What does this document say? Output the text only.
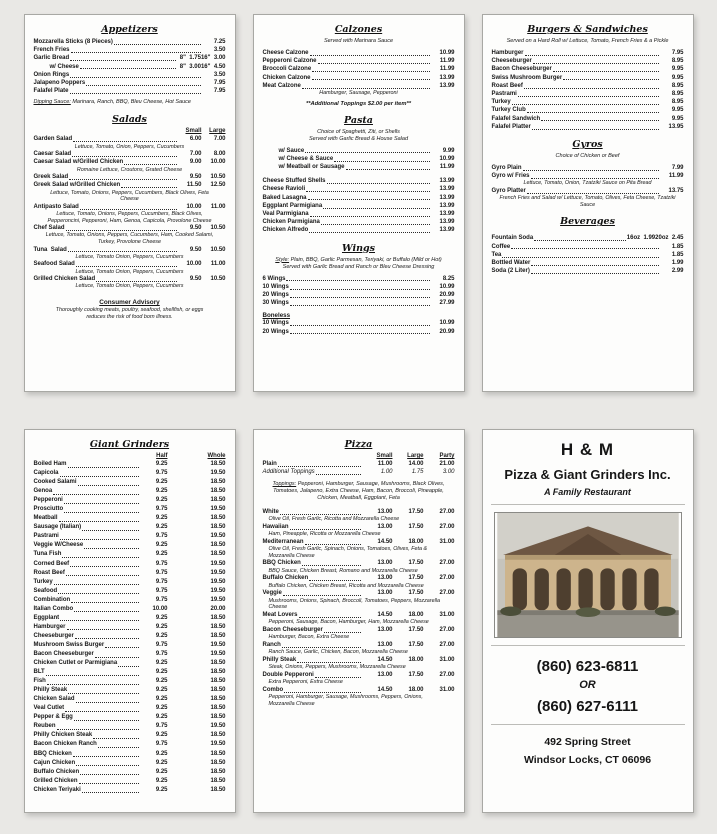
Appetizers
Mozzarella Sticks (8 Pieces)	7.25
French Fries	3.50
Garlic Bread	8"  1.75 16"  3.00
w/ Cheese	8"  3.00 16"  4.50
Onion Rings	3.50
Jalapeno Poppers	7.95
Falafel Plate	7.95
Dipping Sauce: Marinara, Ranch, BBQ, Bleu Cheese, Hot Sauce
Salads
Small	Large
Garden Salad	6.00	7.00
Lettuce, Tomato, Onion, Peppers, Cucumbers
Caesar Salad	7.00	8.00
Caesar Salad w/Grilled Chicken	9.00	10.00
Romaine Lettuce, Croutons, Grated Cheese
Greek Salad	9.50	10.50
Greek Salad w/Grilled Chicken	11.50	12.50
Lettuce, Tomato, Onions, Peppers, Cucumbers, Black Olives, Feta Cheese
Antipasto Salad	10.00	11.00
Lettuce, Tomato, Onions, Peppers, Cucumbers, Black Olives, Pepperoncini, Pepperoni, Ham, Genoa, Capicola, Provolone Cheese
Chef Salad	9.50	10.50
Lettuce, Tomato, Onions, Peppers, Cucumbers, Ham, Cooked Salami, Turkey, Provolone Cheese
Tuna  Salad	9.50	10.50
Lettuce, Tomato Onion, Peppers, Cucumbers
Seafood Salad	10.00	11.00
Lettuce, Tomato Onion, Peppers, Cucumbers
Grilled Chicken Salad	9.50	10.50
Lettuce, Tomato Onion, Peppers, Cucumbers
Consumer Advisory
Thoroughly cooking meats, poultry, seafood, shellfish, or eggs reduces the risk of food born illness.
Calzones
Served with Marinara Sauce
Cheese Calzone	10.99
Pepperoni Calzone	11.99
Broccoli Calzone	11.99
Chicken Calzone	13.99
Meat Calzone	13.99
Hamburger, Sausage, Pepperoni
**Additional Toppings $2.00 per item**
Pasta
Choice of Spaghetti, Ziti, or Shells
Served with Garlic Bread & House Salad
w/ Sauce	9.99
w/ Cheese & Sauce	10.99
w/ Meatball or Sausage	11.99
Cheese Stuffed Shells	13.99
Cheese Ravioli	13.99
Baked Lasagna	13.99
Eggplant Parmigiana	13.99
Veal Parmigiana	13.99
Chicken Parmigiana	13.99
Chicken Alfredo	13.99
Wings
Style: Plain, BBQ, Garlic Parmesan, Teriyaki, or Buffalo (Mild or Hot)
Served with Garlic Bread and Ranch or Bleu Cheese Dressing
6 Wings	8.25
10 Wings	10.99
20 Wings	20.99
30 Wings	27.99
Boneless
10 Wings	10.99
20 Wings	20.99
Burgers & Sandwiches
Served on a Hard Roll w/ Lettuce, Tomato, French Fries & a Pickle
Hamburger	7.95
Cheeseburger	8.95
Bacon Cheeseburger	9.95
Swiss Mushroom Burger	9.95
Roast Beef	8.95
Pastrami	8.95
Turkey	8.95
Turkey Club	9.95
Falafel Sandwich	9.95
Falafel Platter	13.95
Gyros
Choice of Chicken or Beef
Gyro Plain	7.99
Gyro w/ Fries	11.99
Lettuce, Tomato, Onion, Tzatziki Sauce on Pita Bread
Gyro Platter	13.75
French Fries and Salad w/ Lettuce, Tomato, Olives, Feta Cheese, Tzatziki Sauce
Beverages
Fountain Soda	16oz  1.99 20oz  2.45
Coffee	1.85
Tea	1.85
Bottled Water	1.99
Soda (2 Liter)	2.99
Giant Grinders
Half	Whole
Boiled Ham	9.25	18.50
Capicola	9.75	19.50
Cooked Salami	9.25	18.50
Genoa	9.25	18.50
Pepperoni	9.25	18.50
Prosciutto	9.75	19.50
Meatball	9.25	18.50
Sausage (Italian)	9.25	18.50
Pastrami	9.75	19.50
Veggie W/Cheese	9.25	18.50
Tuna Fish	9.25	18.50
Corned Beef	9.75	19.50
Roast Beef	9.75	19.50
Turkey	9.75	19.50
Seafood	9.75	19.50
Combination	9.75	19.50
Italian Combo	10.00	20.00
Eggplant	9.25	18.50
Hamburger	9.25	18.50
Cheeseburger	9.25	18.50
Mushroom Swiss Burger	9.75	19.50
Bacon Cheeseburger	9.75	19.50
Chicken Cutlet or Parmigiana	9.25	18.50
BLT	9.25	18.50
Fish	9.25	18.50
Philly Steak	9.25	18.50
Chicken Salad	9.25	18.50
Veal Cutlet	9.25	18.50
Pepper & Egg	9.25	18.50
Reuben	9.75	19.50
Philly Chicken Steak	9.25	18.50
Bacon Chicken Ranch	9.75	19.50
BBQ Chicken	9.25	18.50
Cajun Chicken	9.25	18.50
Buffalo Chicken	9.25	18.50
Grilled Chicken	9.25	18.50
Chicken Teriyaki	9.25	18.50
Pizza
Small	Large	Party
Plain	11.00	14.00	21.00
Additional Toppings	1.00	1.75	3.00
Toppings: Pepperoni, Hamburger, Sausage, Mushrooms, Black Olives, Tomatoes, Jalapeno, Extra Cheese, Ham, Bacon, Broccoli, Pineapple, Chicken, Meatball, Eggplant, Feta
White	13.00	17.50	27.00
Olive Oil, Fresh Garlic, Ricotta and Mozzarella Cheese
Hawaiian	13.00	17.50	27.00
Ham, Pineapple, Ricotta or Mozzarella Cheese
Mediterranean	14.50	18.00	31.00
Olive Oil, Fresh Garlic, Spinach, Onions, Tomatoes, Olives, Feta & Mozzarella Cheese
BBQ Chicken	13.00	17.50	27.00
BBQ Sauce, Chicken Breast, Romano and Mozzarella Cheese
Buffalo Chicken	13.00	17.50	27.00
Buffalo Chicken, Chicken Breast, Ricotta and Mozzarella Cheese
Veggie	13.00	17.50	27.00
Mushrooms, Onions, Spinach, Broccoli, Tomatoes, Peppers, Mozzarella Cheese
Meat Lovers	14.50	18.00	31.00
Pepperoni, Sausage, Bacon, Hamburger, Ham, Mozzarella Cheese
Bacon Cheeseburger	13.00	17.50	27.00
Hamburger, Bacon, Extra Cheese
Ranch	13.00	17.50	27.00
Ranch Sauce, Garlic, Chicken, Bacon, Mozzarella Cheese
Philly Steak	14.50	18.00	31.00
Steak, Onions, Peppers, Mushrooms, Mozzarella Cheese
Double Pepperoni	13.00	17.50	27.00
Extra Pepperoni, Extra Cheese
Combo	14.50	18.00	31.00
Pepperoni, Hamburger, Sausage, Mushrooms, Peppers, Onions, Mozzarella Cheese
H & M
Pizza & Giant Grinders Inc.
A Family Restaurant
(860) 623-6811
OR
(860) 627-6111
492 Spring Street
Windsor Locks, CT 06096
